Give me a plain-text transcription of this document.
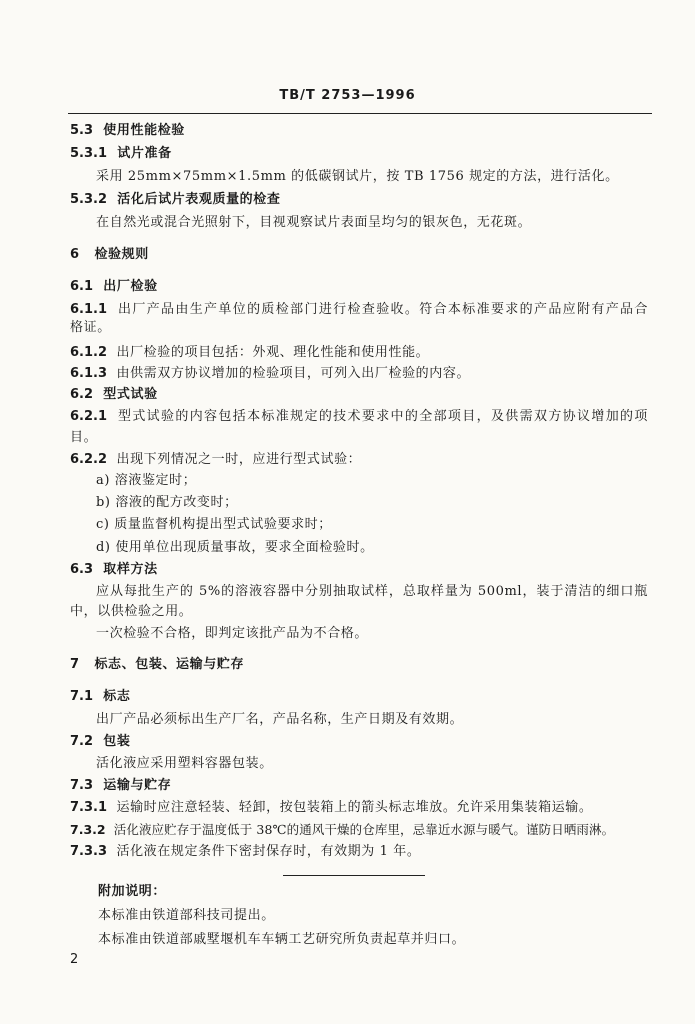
TB/T 2753—1996
5.3 使用性能检验
5.3.1 试片准备
采用 25mm×75mm×1.5mm 的低碳钢试片，按 TB 1756 规定的方法，进行活化。
5.3.2 活化后试片表观质量的检查
在自然光或混合光照射下，目视观察试片表面呈均匀的银灰色，无花斑。
6 检验规则
6.1 出厂检验
6.1.1 出厂产品由生产单位的质检部门进行检查验收。符合本标准要求的产品应附有产品合
格证。
6.1.2 出厂检验的项目包括：外观、理化性能和使用性能。
6.1.3 由供需双方协议增加的检验项目，可列入出厂检验的内容。
6.2 型式试验
6.2.1 型式试验的内容包括本标准规定的技术要求中的全部项目，及供需双方协议增加的项
目。
6.2.2 出现下列情况之一时，应进行型式试验：
a) 溶液鉴定时；
b) 溶液的配方改变时；
c) 质量监督机构提出型式试验要求时；
d) 使用单位出现质量事故，要求全面检验时。
6.3 取样方法
应从每批生产的 5%的溶液容器中分别抽取试样，总取样量为 500ml，装于清洁的细口瓶
中，以供检验之用。
一次检验不合格，即判定该批产品为不合格。
7 标志、包装、运输与贮存
7.1 标志
出厂产品必须标出生产厂名，产品名称，生产日期及有效期。
7.2 包装
活化液应采用塑料容器包装。
7.3 运输与贮存
7.3.1 运输时应注意轻装、轻卸，按包装箱上的箭头标志堆放。允许采用集装箱运输。
7.3.2 活化液应贮存于温度低于 38℃的通风干燥的仓库里，忌靠近水源与暖气。谨防日晒雨淋。
7.3.3 活化液在规定条件下密封保存时，有效期为 1 年。
附加说明：
本标准由铁道部科技司提出。
本标准由铁道部戚墅堰机车车辆工艺研究所负责起草并归口。
2
